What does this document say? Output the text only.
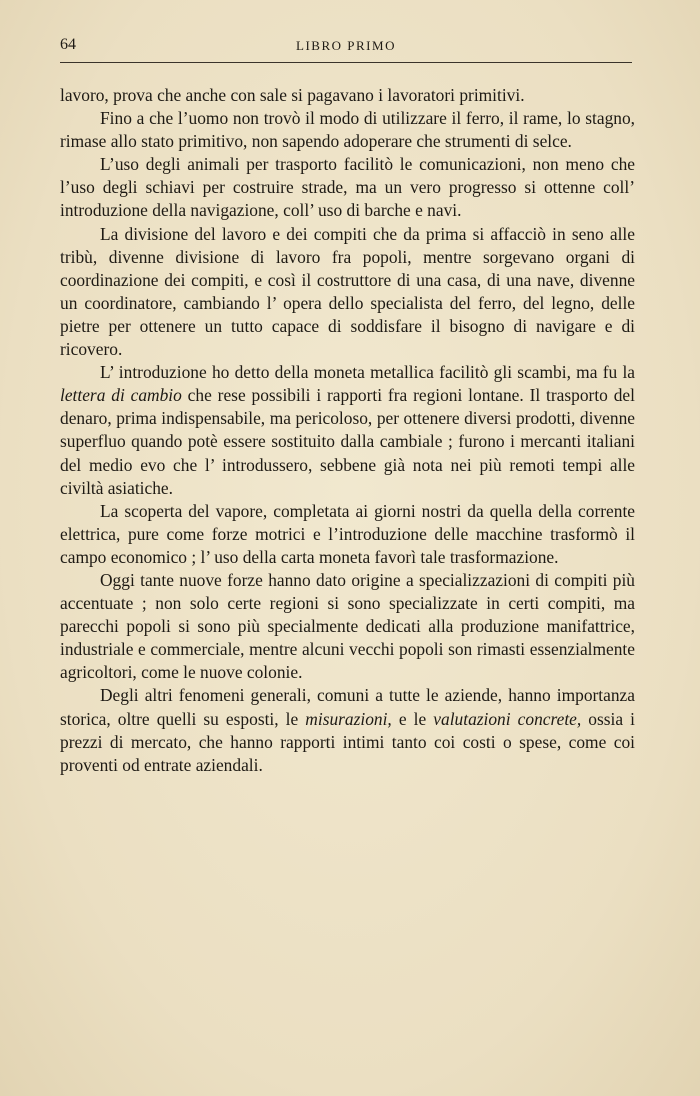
64	LIBRO PRIMO

lavoro, prova che anche con sale si pagavano i lavoratori primitivi.

Fino a che l’uomo non trovò il modo di utilizzare il ferro, il rame, lo stagno, rimase allo stato primitivo, non sapendo adoperare che strumenti di selce.

L’uso degli animali per trasporto facilitò le comunicazioni, non meno che l’uso degli schiavi per costruire strade, ma un vero progresso si ottenne coll’ introduzione della navigazione, coll’ uso di barche e navi.

La divisione del lavoro e dei compiti che da prima si affacciò in seno alle tribù, divenne divisione di lavoro fra popoli, mentre sorgevano organi di coordinazione dei compiti, e così il costruttore di una casa, di una nave, divenne un coordinatore, cambiando l’ opera dello specialista del ferro, del legno, delle pietre per ottenere un tutto capace di soddisfare il bisogno di navigare e di ricovero.

L’ introduzione ho detto della moneta metallica facilitò gli scambi, ma fu la lettera di cambio che rese possibili i rapporti fra regioni lontane. Il trasporto del denaro, prima indispensabile, ma pericoloso, per ottenere diversi prodotti, divenne superfluo quando potè essere sostituito dalla cambiale ; furono i mercanti italiani del medio evo che l’ introdussero, sebbene già nota nei più remoti tempi alle civiltà asiatiche.

La scoperta del vapore, completata ai giorni nostri da quella della corrente elettrica, pure come forze motrici e l’introduzione delle macchine trasformò il campo economico ; l’ uso della carta moneta favorì tale trasformazione.

Oggi tante nuove forze hanno dato origine a specializzazioni di compiti più accentuate ; non solo certe regioni si sono specializzate in certi compiti, ma parecchi popoli si sono più specialmente dedicati alla produzione manifattrice, industriale e commerciale, mentre alcuni vecchi popoli son rimasti essenzialmente agricoltori, come le nuove colonie.

Degli altri fenomeni generali, comuni a tutte le aziende, hanno importanza storica, oltre quelli su esposti, le misurazioni, e le valutazioni concrete, ossia i prezzi di mercato, che hanno rapporti intimi tanto coi costi o spese, come coi proventi od entrate aziendali.
